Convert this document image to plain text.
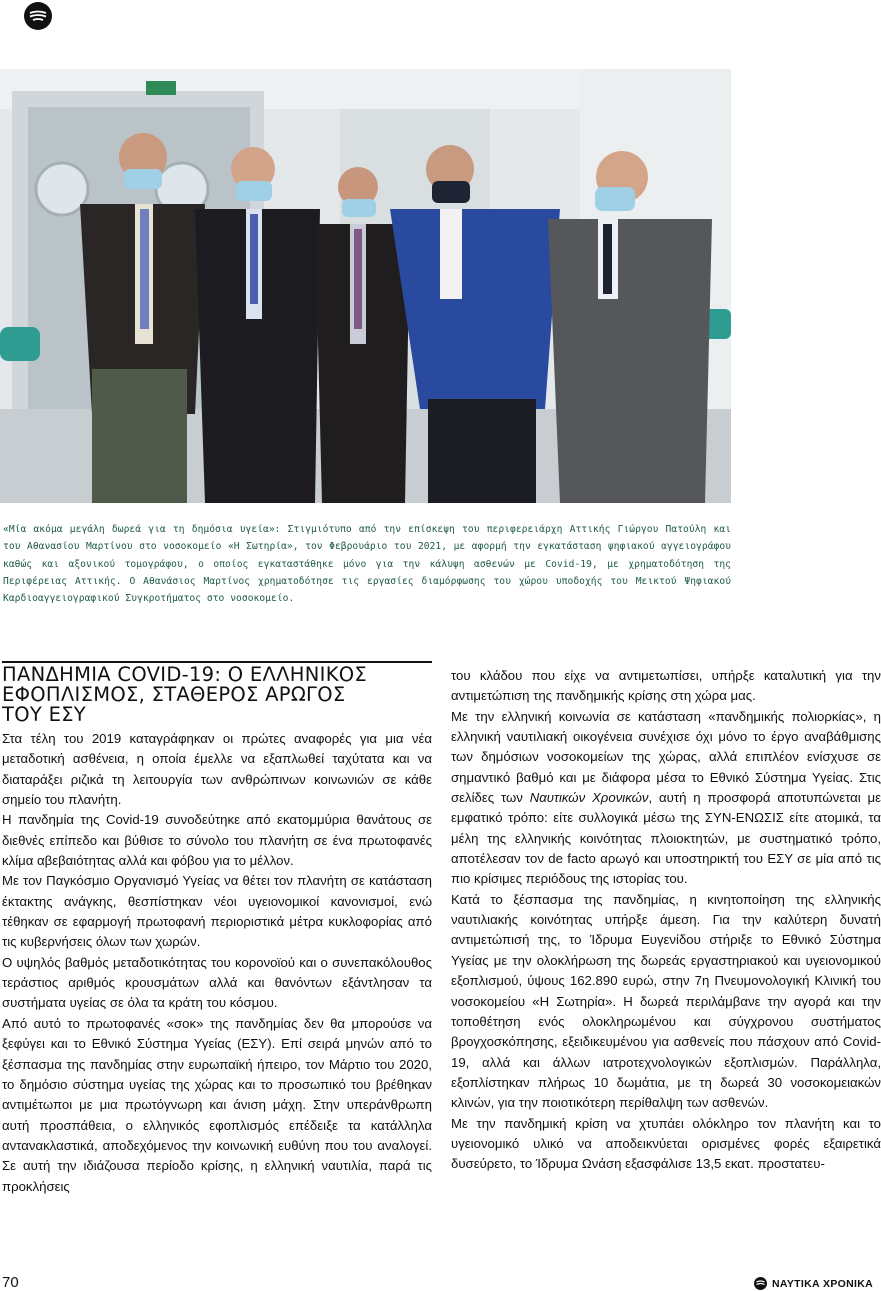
«Μία ακόμα μεγάλη δωρεά για τη δημόσια υγεία»: Στιγμιότυπο από την επίσκεψη του περιφερειάρχη Αττικής Γιώργου Πατούλη και του Αθανασίου Μαρτίνου στο νοσοκομείο «Η Σωτηρία», τον Φεβρουάριο του 2021, με αφορμή την εγκατάσταση ψηφιακού αγγειογράφου καθώς και αξονικού τομογράφου, ο οποίος εγκαταστάθηκε μόνο για την κάλυψη ασθενών με Covid-19, με χρηματοδότηση της Περιφέρειας Αττικής. Ο Αθανάσιος Μαρτίνος χρηματοδότησε τις εργασίες διαμόρφωσης του χώρου υποδοχής του Μεικτού Ψηφιακού Καρδιοαγγειογραφικού Συγκροτήματος στο νοσοκομείο.
ΠΑΝΔΗΜΙΑ COVID-19: Ο ΕΛΛΗΝΙΚΟΣ
ΕΦΟΠΛΙΣΜΟΣ, ΣΤΑΘΕΡΟΣ ΑΡΩΓΟΣ
ΤΟΥ ΕΣΥ

Στα τέλη του 2019 καταγράφηκαν οι πρώτες αναφορές για μια νέα μεταδοτική ασθένεια, η οποία έμελλε να εξαπλωθεί ταχύτατα και να διαταράξει ριζικά τη λειτουργία των ανθρώπινων κοινωνιών σε κάθε σημείο του πλανήτη.

Η πανδημία της Covid-19 συνοδεύτηκε από εκατομμύρια θανάτους σε διεθνές επίπεδο και βύθισε το σύνολο του πλανήτη σε ένα πρωτοφανές κλίμα αβεβαιότητας αλλά και φόβου για το μέλλον.

Με τον Παγκόσμιο Οργανισμό Υγείας να θέτει τον πλανήτη σε κατάσταση έκτακτης ανάγκης, θεσπίστηκαν νέοι υγειονομικοί κανονισμοί, ενώ τέθηκαν σε εφαρμογή πρωτοφανή περιοριστικά μέτρα κυκλοφορίας από τις κυβερνήσεις όλων των χωρών.

Ο υψηλός βαθμός μεταδοτικότητας του κορονοϊού και ο συνεπακόλουθος τεράστιος αριθμός κρουσμάτων αλλά και θανόντων εξάντλησαν τα συστήματα υγείας σε όλα τα κράτη του κόσμου.

Από αυτό το πρωτοφανές «σοκ» της πανδημίας δεν θα μπορούσε να ξεφύγει και το Εθνικό Σύστημα Υγείας (ΕΣΥ). Επί σειρά μηνών από το ξέσπασμα της πανδημίας στην ευρωπαϊκή ήπειρο, τον Μάρτιο του 2020, το δημόσιο σύστημα υγείας της χώρας και το προσωπικό του βρέθηκαν αντιμέτωποι με μια πρωτόγνωρη και άνιση μάχη. Στην υπεράνθρωπη αυτή προσπάθεια, ο ελληνικός εφοπλισμός επέδειξε τα κατάλληλα αντανακλαστικά, αποδεχόμενος την κοινωνική ευθύνη που του αναλογεί. Σε αυτή την ιδιάζουσα περίοδο κρίσης, η ελληνική ναυτιλία, παρά τις προκλήσεις

του κλάδου που είχε να αντιμετωπίσει, υπήρξε καταλυτική για την αντιμετώπιση της πανδημικής κρίσης στη χώρα μας.

Με την ελληνική κοινωνία σε κατάσταση «πανδημικής πολιορκίας», η ελληνική ναυτιλιακή οικογένεια συνέχισε όχι μόνο το έργο αναβάθμισης των δημόσιων νοσοκομείων της χώρας, αλλά επιπλέον ενίσχυσε σε σημαντικό βαθμό και με διάφορα μέσα το Εθνικό Σύστημα Υγείας. Στις σελίδες των Ναυτικών Χρονικών, αυτή η προσφορά αποτυπώνεται με εμφατικό τρόπο: είτε συλλογικά μέσω της ΣΥΝ-ΕΝΩΣΙΣ είτε ατομικά, τα μέλη της ελληνικής κοινότητας πλοιοκτητών, με συστηματικό τρόπο, αποτέλεσαν τον de facto αρωγό και υποστηρικτή του ΕΣΥ σε μία από τις πιο κρίσιμες περιόδους της ιστορίας του.

Κατά το ξέσπασμα της πανδημίας, η κινητοποίηση της ελληνικής ναυτιλιακής κοινότητας υπήρξε άμεση. Για την καλύτερη δυνατή αντιμετώπισή της, το Ίδρυμα Ευγενίδου στήριξε το Εθνικό Σύστημα Υγείας με την ολοκλήρωση της δωρεάς εργαστηριακού και υγειονομικού εξοπλισμού, ύψους 162.890 ευρώ, στην 7η Πνευμονολογική Κλινική του νοσοκομείου «Η Σωτηρία». Η δωρεά περιλάμβανε την αγορά και την τοποθέτηση ενός ολοκληρωμένου και σύγχρονου συστήματος βρογχοσκόπησης, εξειδικευμένου για ασθενείς που πάσχουν από Covid-19, αλλά και άλλων ιατροτεχνολογικών εξοπλισμών. Παράλληλα, εξοπλίστηκαν πλήρως 10 δωμάτια, με τη δωρεά 30 νοσοκομειακών κλινών, για την ποιοτικότερη περίθαλψη των ασθενών.

Με την πανδημική κρίση να χτυπάει ολόκληρο τον πλανήτη και το υγειονομικό υλικό να αποδεικνύεται ορισμένες φορές εξαιρετικά δυσεύρετο, το Ίδρυμα Ωνάση εξασφάλισε 13,5 εκατ. προστατευ-

70	ΝΑΥΤΙΚΑ ΧΡΟΝΙΚΑ
